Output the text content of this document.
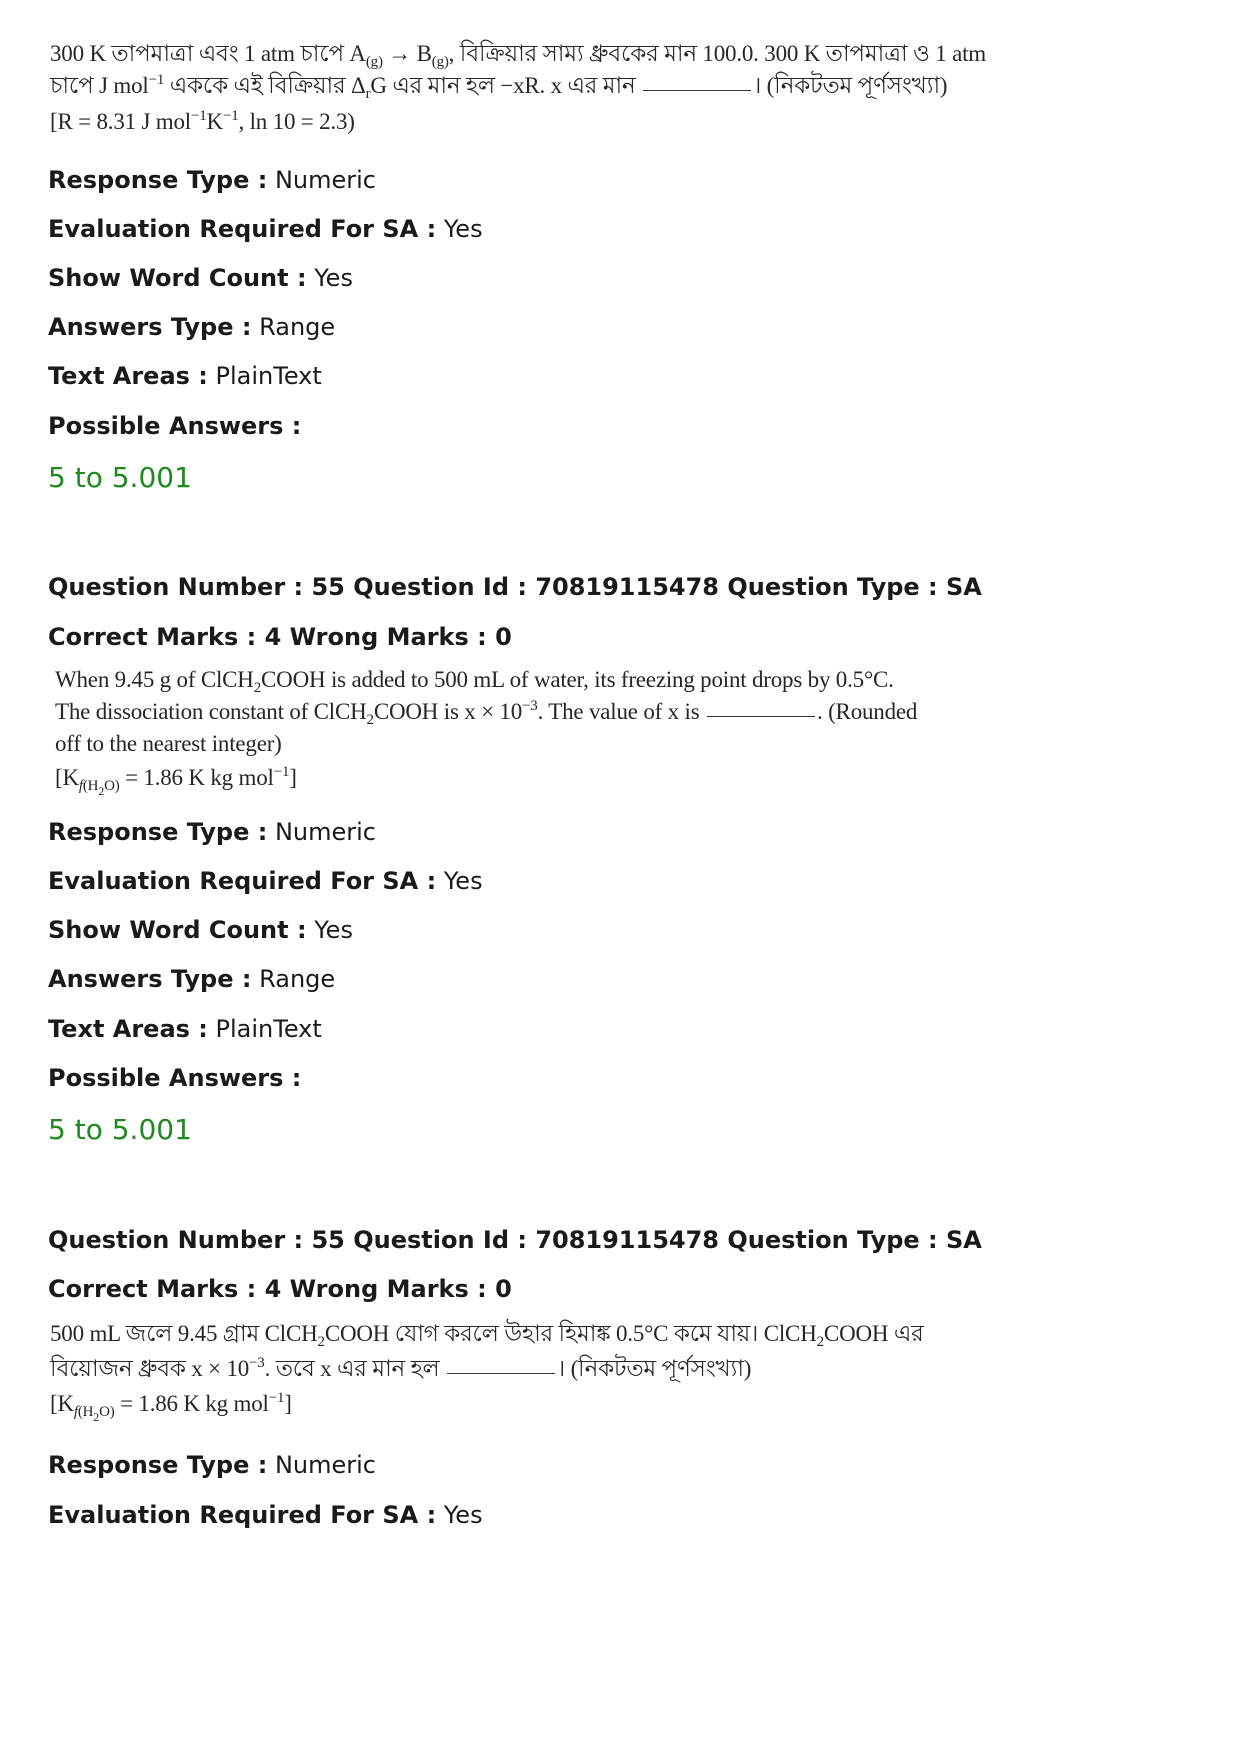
300 K তাপমাত্রা এবং 1 atm চাপে $A_{(g)} \to B_{(g)}$, বিক্রিয়ার সাম্য ধ্রুবকের মান 100.0. 300 K তাপমাত্রা ও 1 atm
চাপে J mol$^{-1}$ এককে এই বিক্রিয়ার $\Delta_rG$ এর মান হল −xR. x এর মান	। (নিকটতম পূর্ণসংখ্যা)
[R = 8.31 J $mol^{-1}K^{-1}$, ln 10 = 2.3)
Response Type : Numeric
Evaluation Required For SA : Yes
Show Word Count : Yes
Answers Type : Range
Text Areas : PlainText
Possible Answers :
5 to 5.001
Question Number : 55 Question Id : 70819115478 Question Type : SA
Correct Marks : 4 Wrong Marks : 0
When 9.45 g of ClCH$_2$COOH is added to 500 mL of water, its freezing point drops by 0.5°C.
The dissociation constant of ClCH$_2$COOH is $x \times 10^{-3}$. The value of x is	. (Rounded
off to the nearest integer)
[$K_{f(H_2O)} = 1.86$ K kg mol$^{-1}$]
Response Type : Numeric
Evaluation Required For SA : Yes
Show Word Count : Yes
Answers Type : Range
Text Areas : PlainText
Possible Answers :
5 to 5.001
Question Number : 55 Question Id : 70819115478 Question Type : SA
Correct Marks : 4 Wrong Marks : 0
500 mL জলে 9.45 গ্রাম ClCH$_2$COOH যোগ করলে উহার হিমাঙ্ক 0.5°C কমে যায়। ClCH$_2$COOH এর
বিয়োজন ধ্রুবক $x \times 10^{-3}$. তবে x এর মান হল	। (নিকটতম পূর্ণসংখ্যা)
[$K_{f(H_2O)} = 1.86$ K kg mol$^{-1}$]
Response Type : Numeric
Evaluation Required For SA : Yes
